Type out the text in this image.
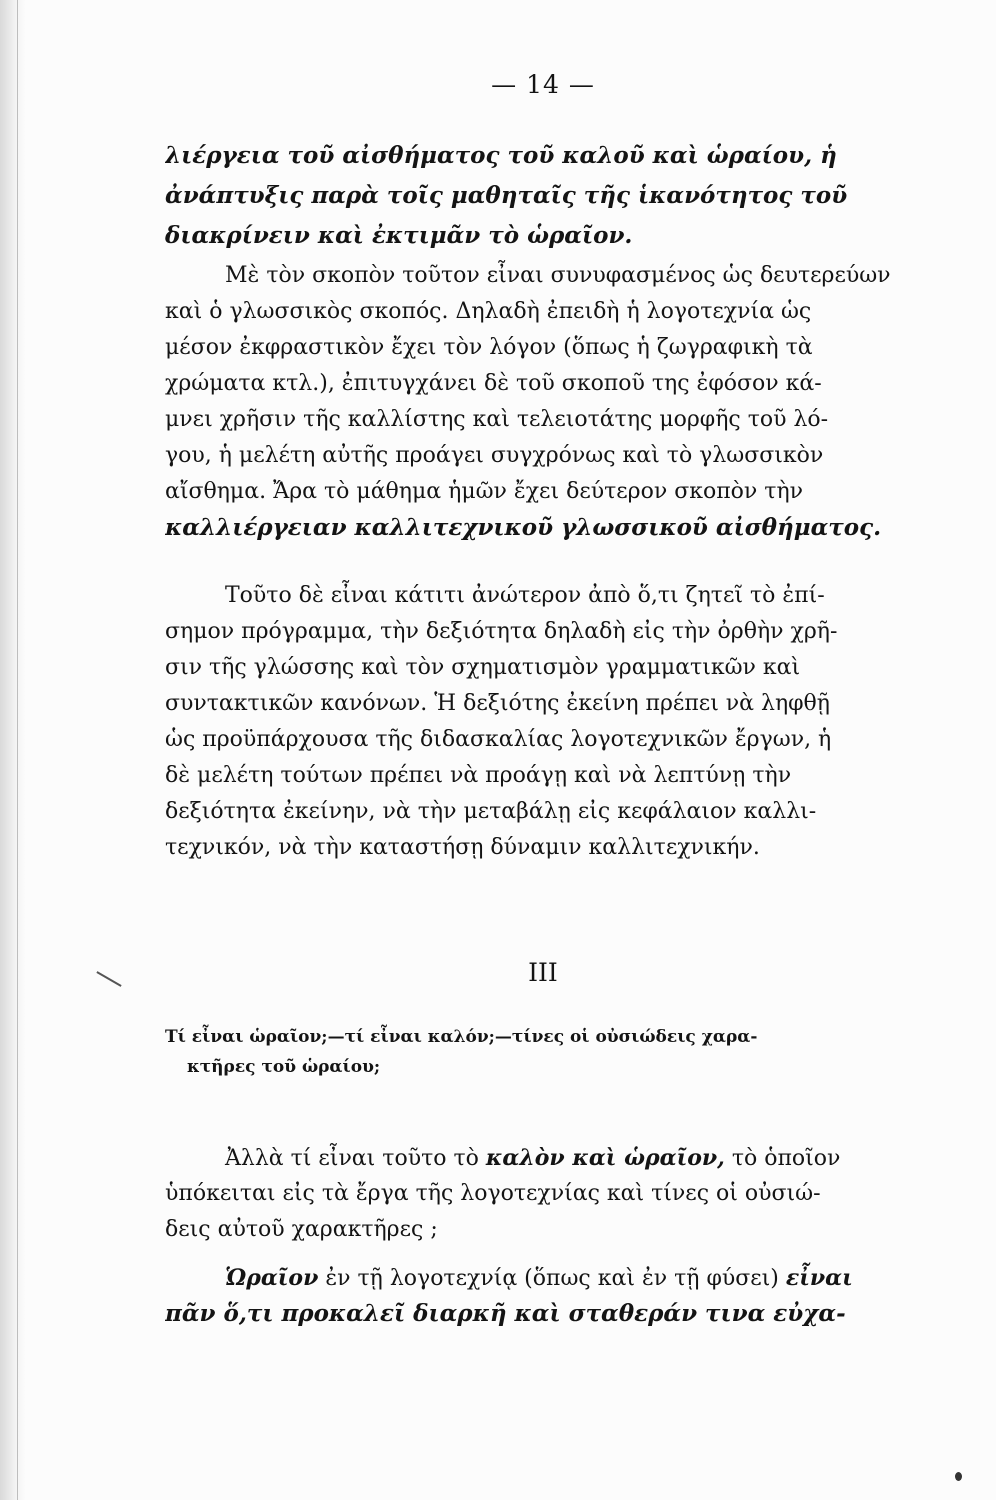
— 14 —
λιέργεια τοῦ αἰσθήματος τοῦ καλοῦ καὶ ὡραίου, ἡ
ἀνάπτυξις παρὰ τοῖς μαθηταῖς τῆς ἱκανότητος τοῦ
διακρίνειν καὶ ἐκτιμᾶν τὸ ὡραῖον.
Μὲ τὸν σκοπὸν τοῦτον εἶναι συνυφασμένος ὡς δευτερεύων
καὶ ὁ γλωσσικὸς σκοπός. Δηλαδὴ ἐπειδὴ ἡ λογοτεχνία ὡς
μέσον ἐκφραστικὸν ἔχει τὸν λόγον (ὅπως ἡ ζωγραφικὴ τὰ
χρώματα κτλ.), ἐπιτυγχάνει δὲ τοῦ σκοποῦ της ἐφόσον κά-
μνει χρῆσιν τῆς καλλίστης καὶ τελειοτάτης μορφῆς τοῦ λό-
γου, ἡ μελέτη αὐτῆς προάγει συγχρόνως καὶ τὸ γλωσσικὸν
αἴσθημα. Ἄρα τὸ μάθημα ἡμῶν ἔχει δεύτερον σκοπὸν τὴν
καλλιέργειαν καλλιτεχνικοῦ γλωσσικοῦ αἰσθήματος.
Τοῦτο δὲ εἶναι κάτιτι ἀνώτερον ἀπὸ ὅ,τι ζητεῖ τὸ ἐπί-
σημον πρόγραμμα, τὴν δεξιότητα δηλαδὴ εἰς τὴν ὀρθὴν χρῆ-
σιν τῆς γλώσσης καὶ τὸν σχηματισμὸν γραμματικῶν καὶ
συντακτικῶν κανόνων. Ἡ δεξιότης ἐκείνη πρέπει νὰ ληφθῇ
ὡς προϋπάρχουσα τῆς διδασκαλίας λογοτεχνικῶν ἔργων, ἡ
δὲ μελέτη τούτων πρέπει νὰ προάγῃ καὶ νὰ λεπτύνῃ τὴν
δεξιότητα ἐκείνην, νὰ τὴν μεταβάλῃ εἰς κεφάλαιον καλλι-
τεχνικόν, νὰ τὴν καταστήσῃ δύναμιν καλλιτεχνικήν.
III
Τί εἶναι ὡραῖον;—τί εἶναι καλόν;—τίνες οἱ οὐσιώδεις χαρα-
κτῆρες τοῦ ὡραίου;
Ἀλλὰ τί εἶναι τοῦτο τὸ καλὸν καὶ ὡραῖον, τὸ ὁποῖον
ὑπόκειται εἰς τὰ ἔργα τῆς λογοτεχνίας καὶ τίνες οἱ οὐσιώ-
δεις αὐτοῦ χαρακτῆρες ;
Ὡραῖον ἐν τῇ λογοτεχνίᾳ (ὅπως καὶ ἐν τῇ φύσει) εἶναι
πᾶν ὅ,τι προκαλεῖ διαρκῆ καὶ σταθεράν τινα εὐχα-
